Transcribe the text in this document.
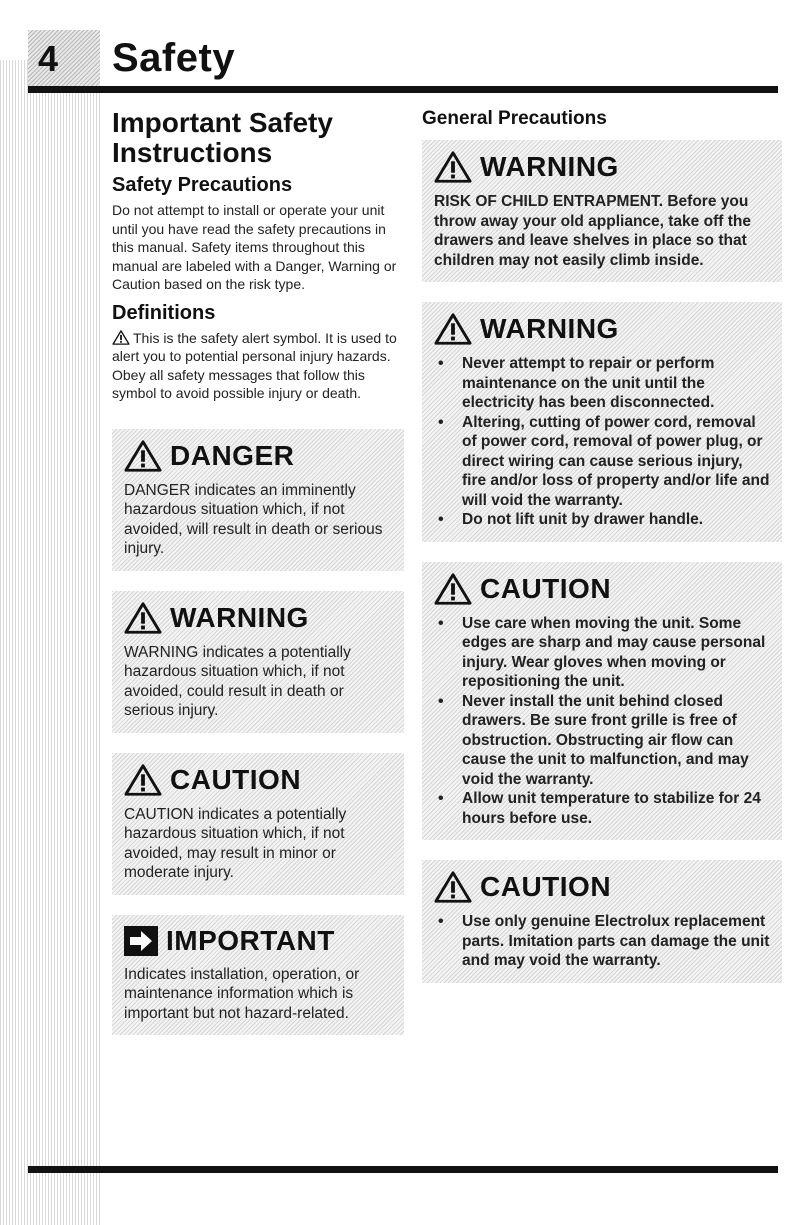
4 Safety
Important Safety Instructions
Safety Precautions
Do not attempt to install or operate your unit until you have read the safety precautions in this manual. Safety items throughout this manual are labeled with a Danger, Warning or Caution based on the risk type.
Definitions
This is the safety alert symbol. It is used to alert you to potential personal injury hazards. Obey all safety messages that follow this symbol to avoid possible injury or death.
DANGER
DANGER indicates an imminently hazardous situation which, if not avoided, will result in death or serious injury.
WARNING
WARNING indicates a potentially hazardous situation which, if not avoided, could result in death or serious injury.
CAUTION
CAUTION indicates a potentially hazardous situation which, if not avoided, may result in minor or moderate injury.
IMPORTANT
Indicates installation, operation, or maintenance information which is important but not hazard-related.
General Precautions
WARNING
RISK OF CHILD ENTRAPMENT. Before you throw away your old appliance, take off the drawers and leave shelves in place so that children may not easily climb inside.
WARNING
• Never attempt to repair or perform maintenance on the unit until the electricity has been disconnected.
• Altering, cutting of power cord, removal of power cord, removal of power plug, or direct wiring can cause serious injury, fire and/or loss of property and/or life and will void the warranty.
• Do not lift unit by drawer handle.
CAUTION
• Use care when moving the unit. Some edges are sharp and may cause personal injury. Wear gloves when moving or repositioning the unit.
• Never install the unit behind closed drawers. Be sure front grille is free of obstruction. Obstructing air flow can cause the unit to malfunction, and may void the warranty.
• Allow unit temperature to stabilize for 24 hours before use.
CAUTION
• Use only genuine Electrolux replacement parts. Imitation parts can damage the unit and may void the warranty.
